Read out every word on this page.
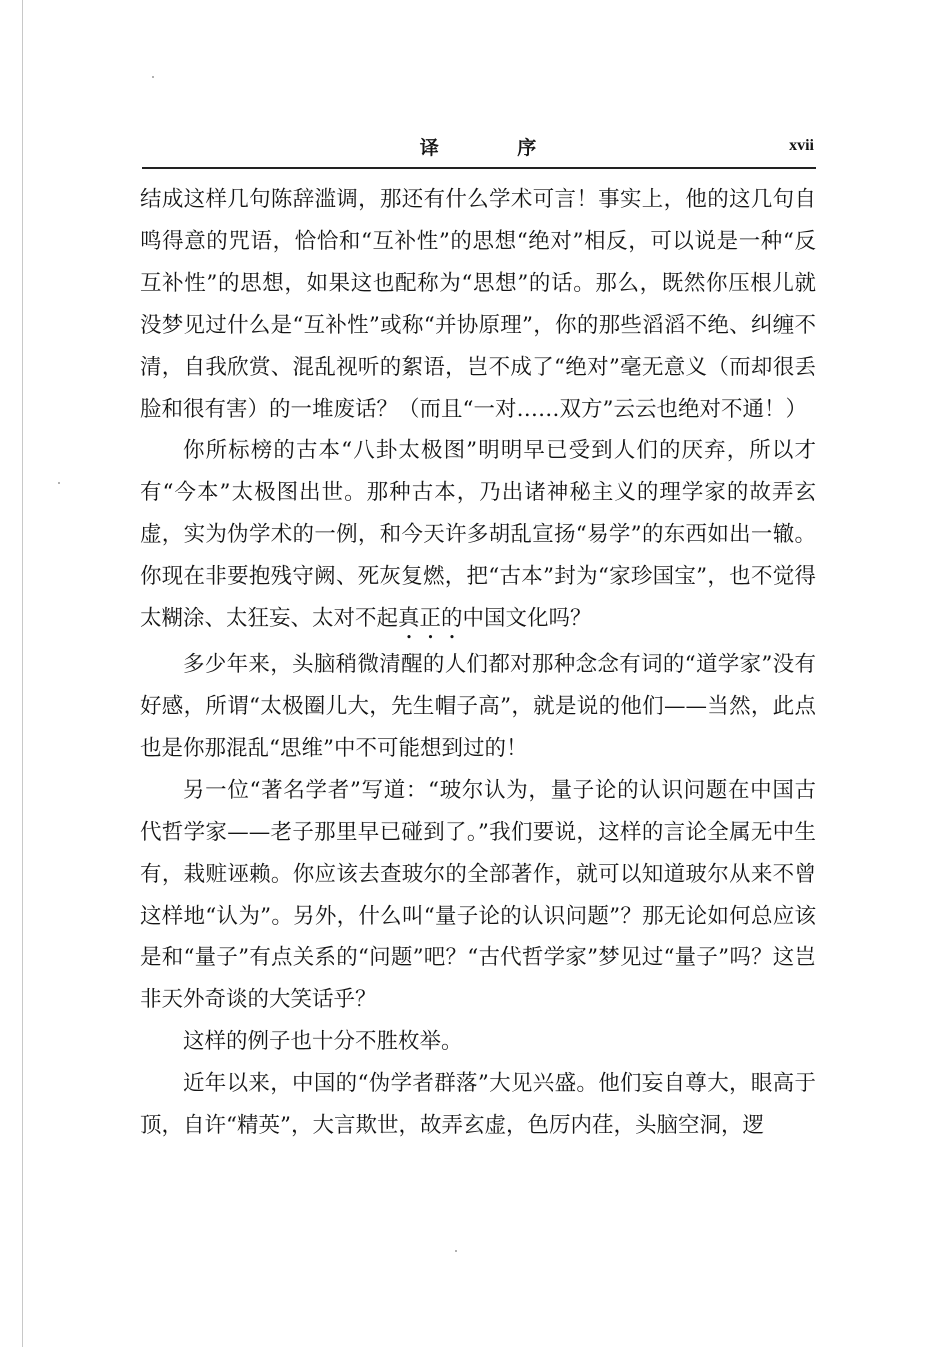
译 序	xvii

结成这样几句陈辞滥调，那还有什么学术可言！事实上，他的这几句自鸣得意的咒语，恰恰和“互补性”的思想“绝对”相反，可以说是一种“反互补性”的思想，如果这也配称为“思想”的话。那么，既然你压根儿就没梦见过什么是“互补性”或称“并协原理”，你的那些滔滔不绝、纠缠不清，自我欣赏、混乱视听的絮语，岂不成了“绝对”毫无意义（而却很丢脸和很有害）的一堆废话？（而且“一对……双方”云云也绝对不通！）

你所标榜的古本“八卦太极图”明明早已受到人们的厌弃，所以才有“今本”太极图出世。那种古本，乃出诸神秘主义的理学家的故弄玄虚，实为伪学术的一例，和今天许多胡乱宣扬“易学”的东西如出一辙。你现在非要抱残守阙、死灰复燃，把“古本”封为“家珍国宝”，也不觉得太糊涂、太狂妄、太对不起真正的中国文化吗？

多少年来，头脑稍微清醒的人们都对那种念念有词的“道学家”没有好感，所谓“太极圈儿大，先生帽子高”，就是说的他们——当然，此点也是你那混乱“思维”中不可能想到过的！

另一位“著名学者”写道：“玻尔认为，量子论的认识问题在中国古代哲学家——老子那里早已碰到了。”我们要说，这样的言论全属无中生有，栽赃诬赖。你应该去查玻尔的全部著作，就可以知道玻尔从来不曾这样地“认为”。另外，什么叫“量子论的认识问题”？那无论如何总应该是和“量子”有点关系的“问题”吧？“古代哲学家”梦见过“量子”吗？这岂非天外奇谈的大笑话乎？

这样的例子也十分不胜枚举。

近年以来，中国的“伪学者群落”大见兴盛。他们妄自尊大，眼高于顶，自许“精英”，大言欺世，故弄玄虚，色厉内荏，头脑空洞，逻
